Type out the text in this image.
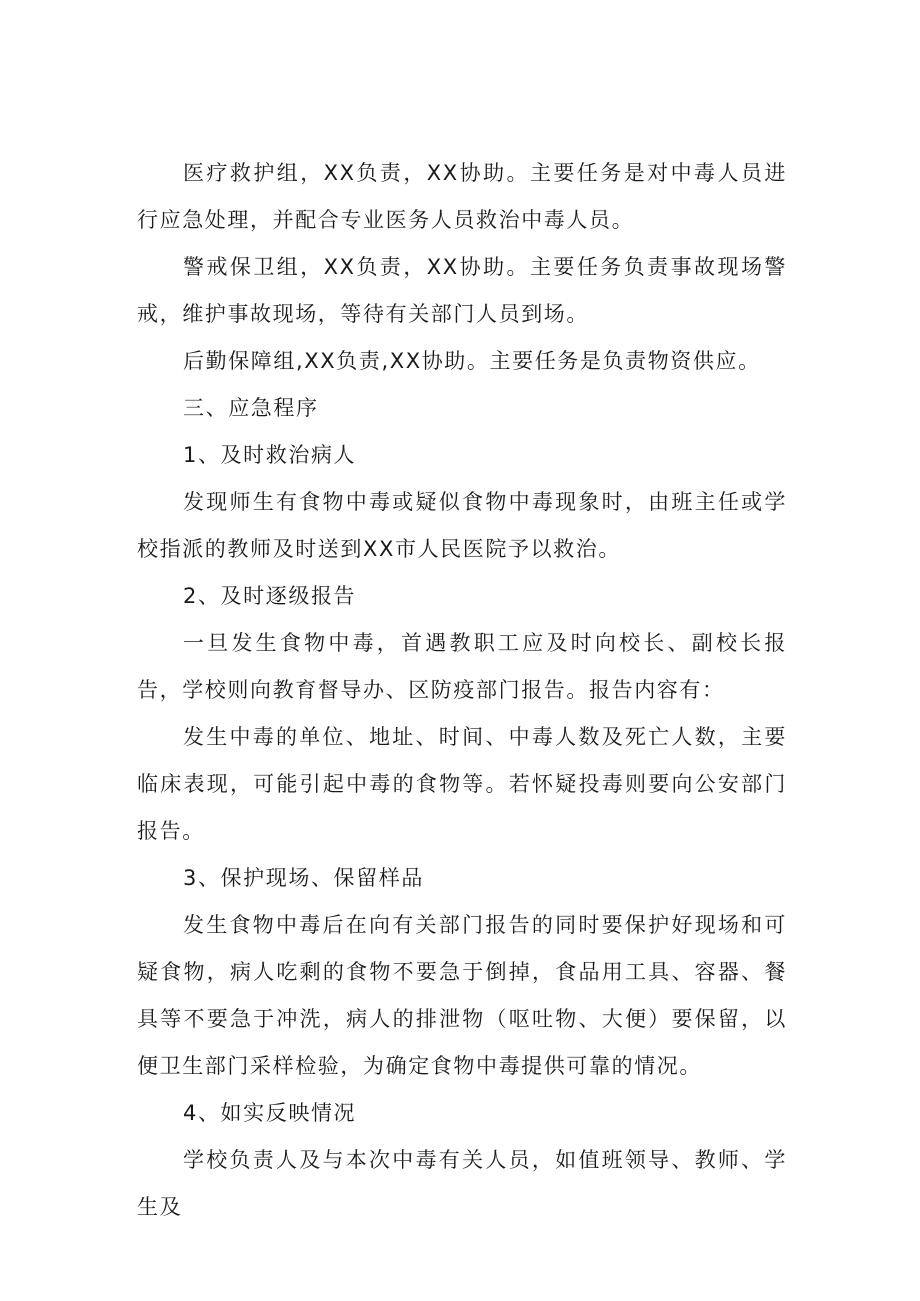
医疗救护组，XX负责，XX协助。主要任务是对中毒人员进行应急处理，并配合专业医务人员救治中毒人员。

警戒保卫组，XX负责，XX协助。主要任务负责事故现场警戒，维护事故现场，等待有关部门人员到场。

后勤保障组,XX负责,XX协助。主要任务是负责物资供应。

三、应急程序

1、及时救治病人

发现师生有食物中毒或疑似食物中毒现象时，由班主任或学校指派的教师及时送到XX市人民医院予以救治。

2、及时逐级报告

一旦发生食物中毒，首遇教职工应及时向校长、副校长报告，学校则向教育督导办、区防疫部门报告。报告内容有：

发生中毒的单位、地址、时间、中毒人数及死亡人数，主要临床表现，可能引起中毒的食物等。若怀疑投毒则要向公安部门报告。

3、保护现场、保留样品

发生食物中毒后在向有关部门报告的同时要保护好现场和可疑食物，病人吃剩的食物不要急于倒掉，食品用工具、容器、餐具等不要急于冲洗，病人的排泄物（呕吐物、大便）要保留，以便卫生部门采样检验，为确定食物中毒提供可靠的情况。

4、如实反映情况

学校负责人及与本次中毒有关人员，如值班领导、教师、学生及
